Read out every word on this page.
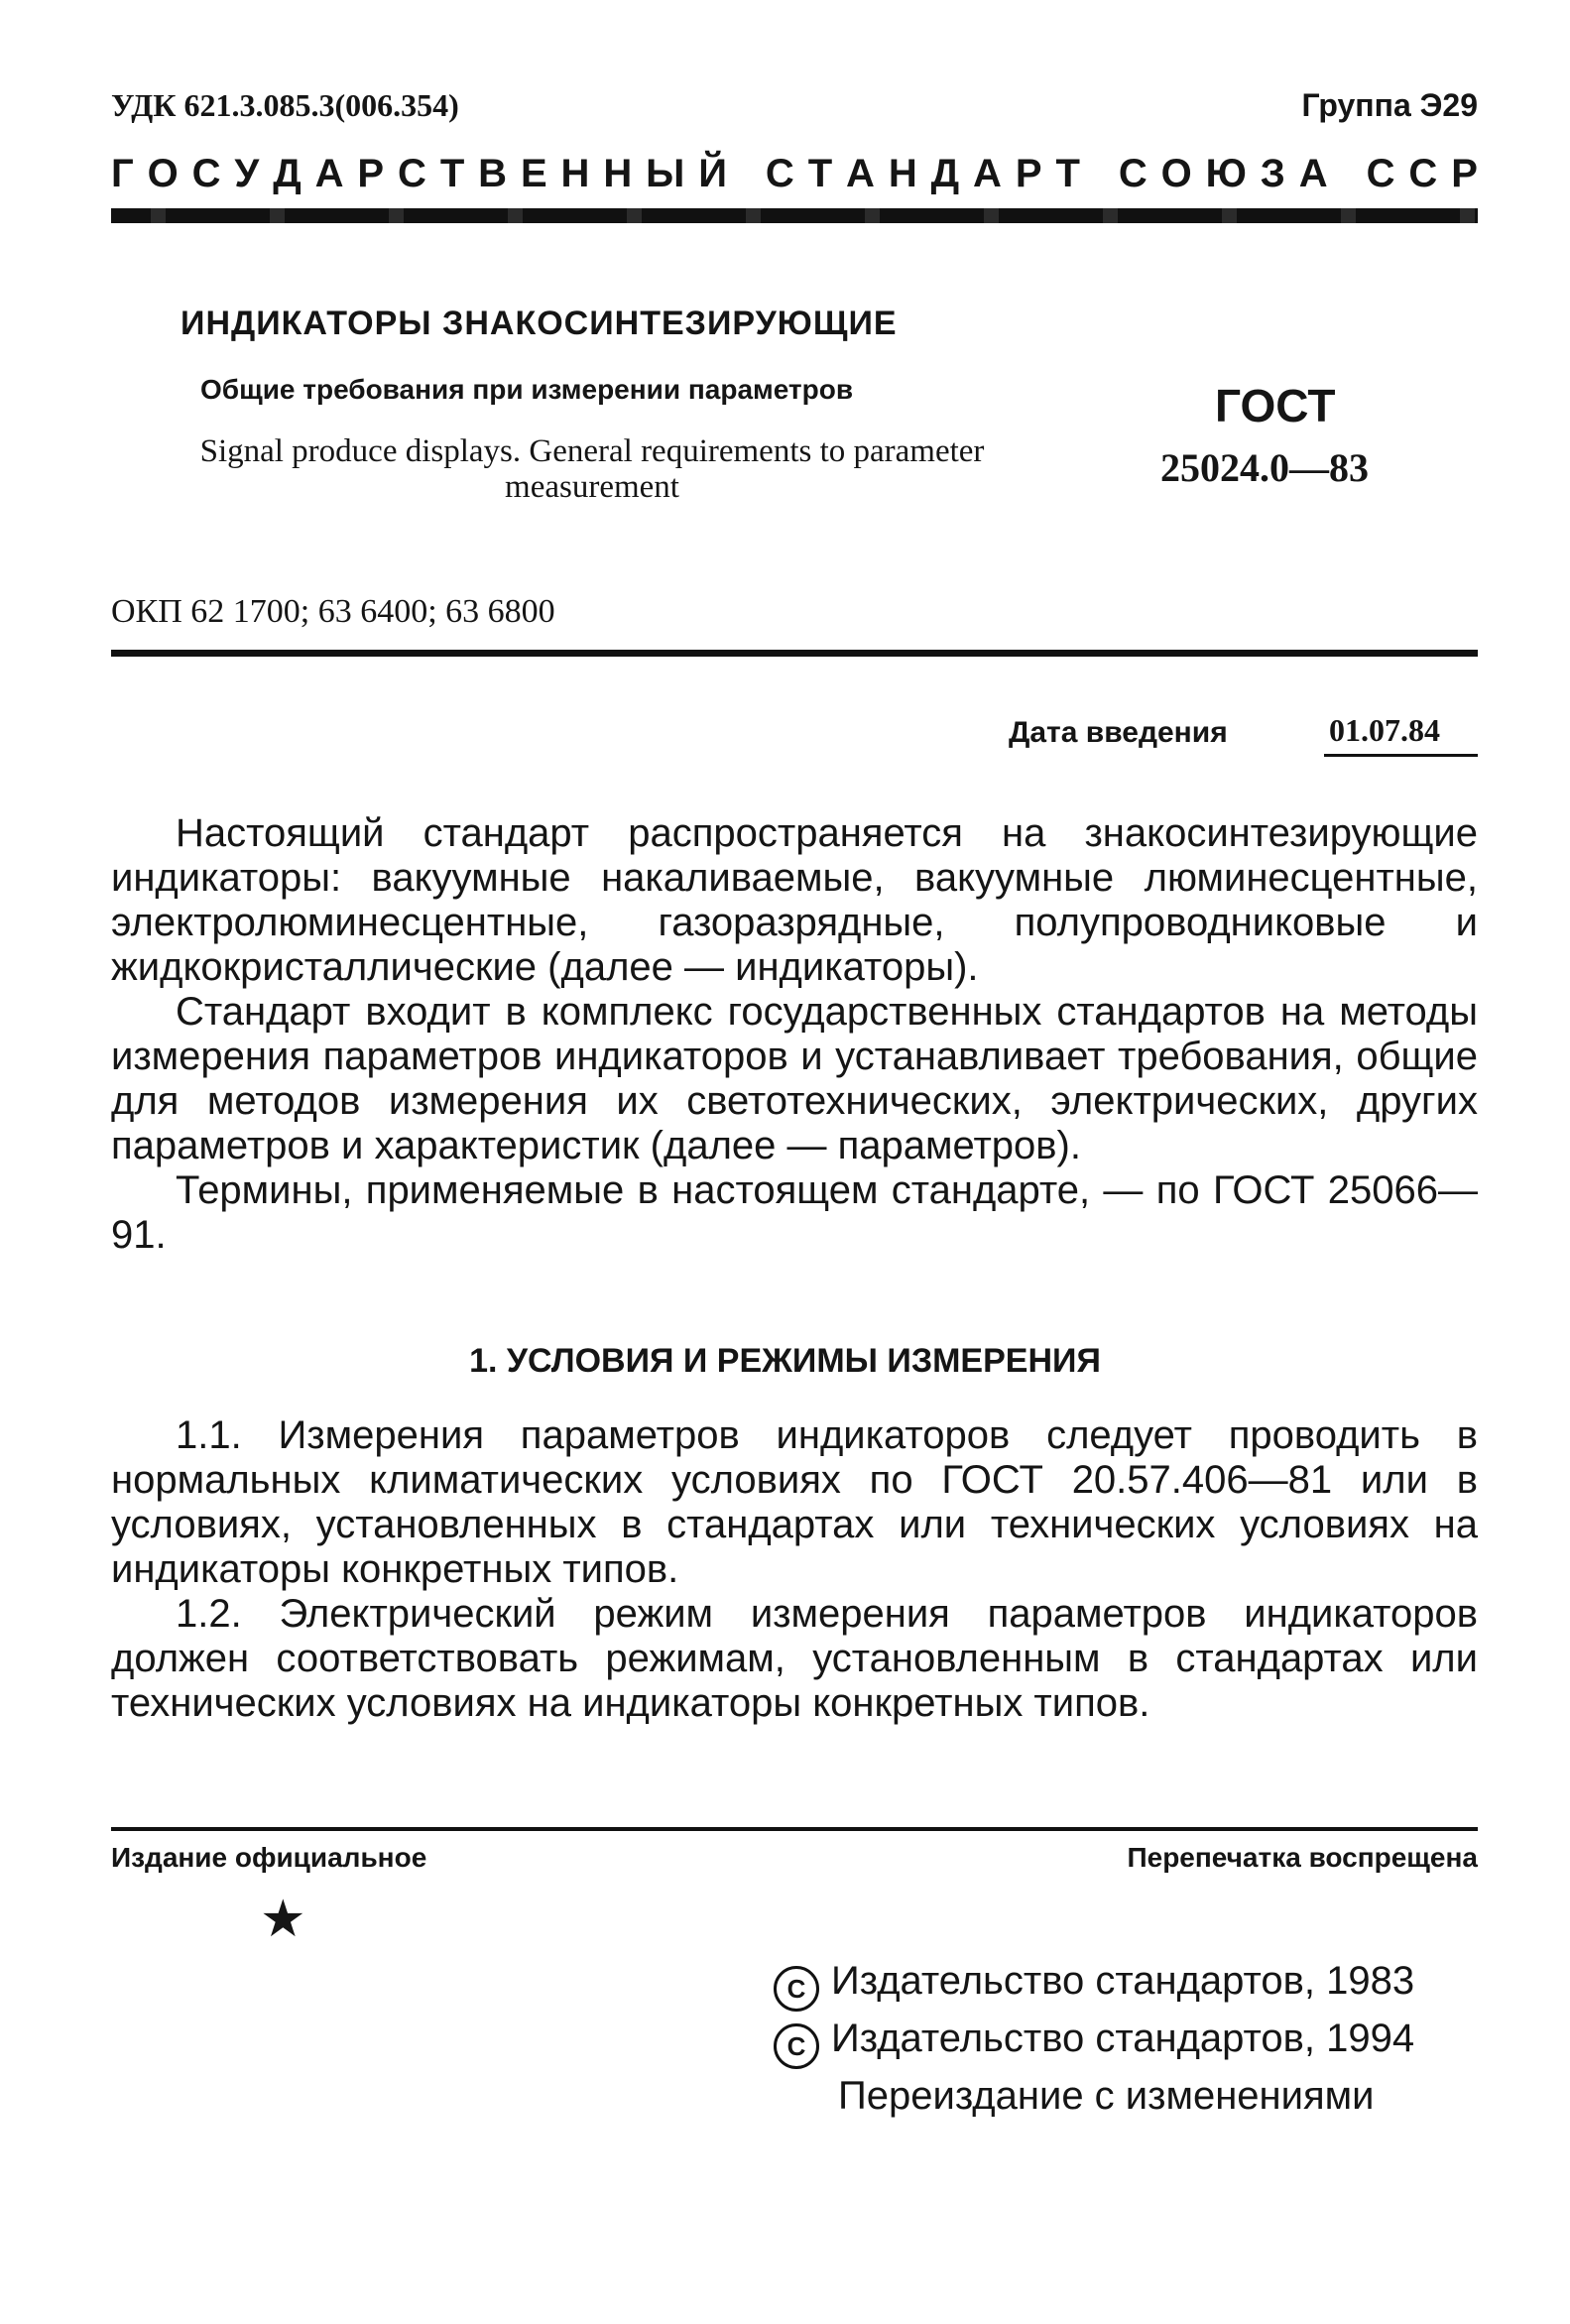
УДК 621.3.085.3(006.354)	Группа Э29
Г О С У Д А Р С Т В Е Н Н Ы Й
С Т А Н Д А Р Т
С О Ю З А
С С Р
ИНДИКАТОРЫ ЗНАКОСИНТЕЗИРУЮЩИЕ
Общие требования при измерении параметров
Signal produce displays. General requirements to parameter measurement
ГОСТ
25024.0—83
ОКП 62 1700; 63 6400; 63 6800
Дата введения	01.07.84

Настоящий стандарт распространяется на знакосинтезирующие индикаторы: вакуумные накаливаемые, вакуумные люминесцентные, электролюминесцентные, газоразрядные, полупроводниковые и жидкокристаллические (далее — индикаторы).

Стандарт входит в комплекс государственных стандартов на методы измерения параметров индикаторов и устанавливает требования, общие для методов измерения их светотехнических, электрических, других параметров и характеристик (далее — параметров).

Термины, применяемые в настоящем стандарте, — по ГОСТ 25066—91.

1. УСЛОВИЯ И РЕЖИМЫ ИЗМЕРЕНИЯ

1.1. Измерения параметров индикаторов следует проводить в нормальных климатических условиях по ГОСТ 20.57.406—81 или в условиях, установленных в стандартах или технических условиях на индикаторы конкретных типов.

1.2. Электрический режим измерения параметров индикаторов должен соответствовать режимам, установленным в стандартах или технических условиях на индикаторы конкретных типов.

Издание официальное	Перепечатка воспрещена
★
C Издательство стандартов, 1983
C Издательство стандартов, 1994
Переиздание с изменениями
